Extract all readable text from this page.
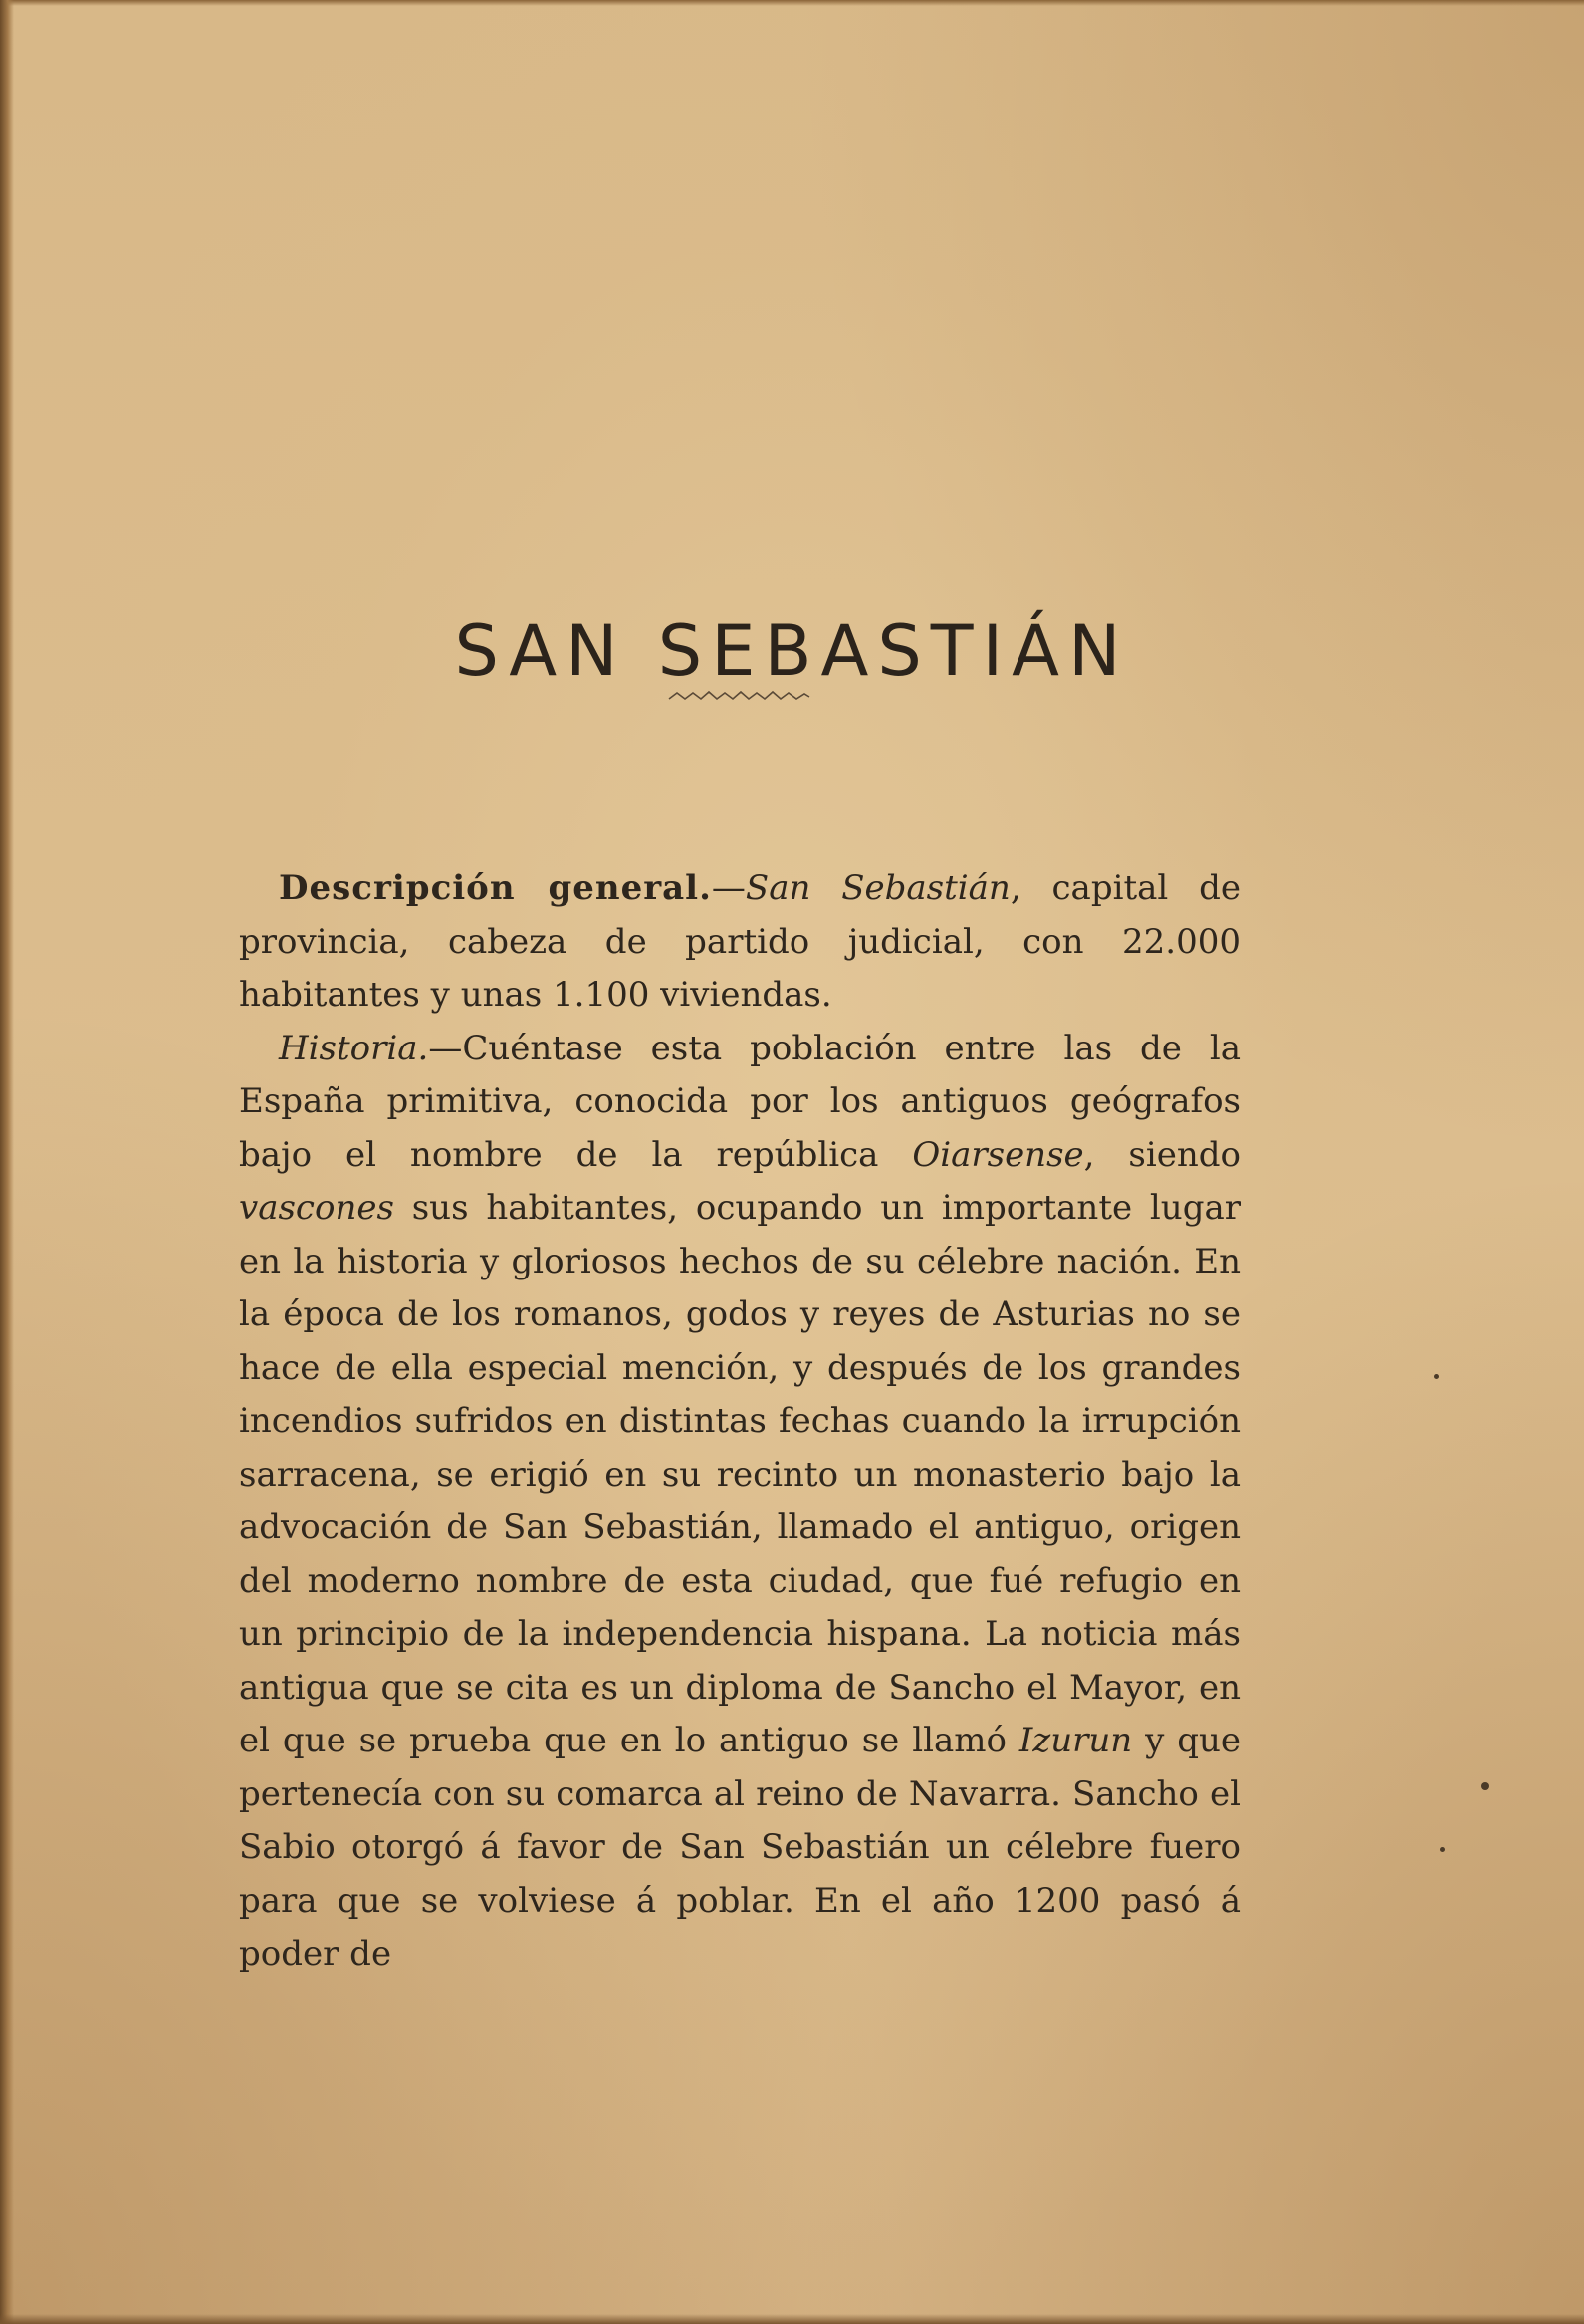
SAN SEBASTIÁN

Descripción general.—San Sebastián, capital de provincia, cabeza de partido judicial, con 22.000 habitantes y unas 1.100 viviendas.

Historia.—Cuéntase esta población entre las de la España primitiva, conocida por los antiguos geógrafos bajo el nombre de la república Oiarsense, siendo vascones sus habitantes, ocupando un importante lugar en la historia y gloriosos hechos de su célebre nación. En la época de los romanos, godos y reyes de Asturias no se hace de ella especial mención, y después de los grandes incendios sufridos en distintas fechas cuando la irrupción sarracena, se erigió en su recinto un monasterio bajo la advocación de San Sebastián, llamado el antiguo, origen del moderno nombre de esta ciudad, que fué refugio en un principio de la independencia hispana. La noticia más antigua que se cita es un diploma de Sancho el Mayor, en el que se prueba que en lo antiguo se llamó Izurun y que pertenecía con su comarca al reino de Navarra. Sancho el Sabio otorgó á favor de San Sebastián un célebre fuero para que se volviese á poblar. En el año 1200 pasó á poder de
